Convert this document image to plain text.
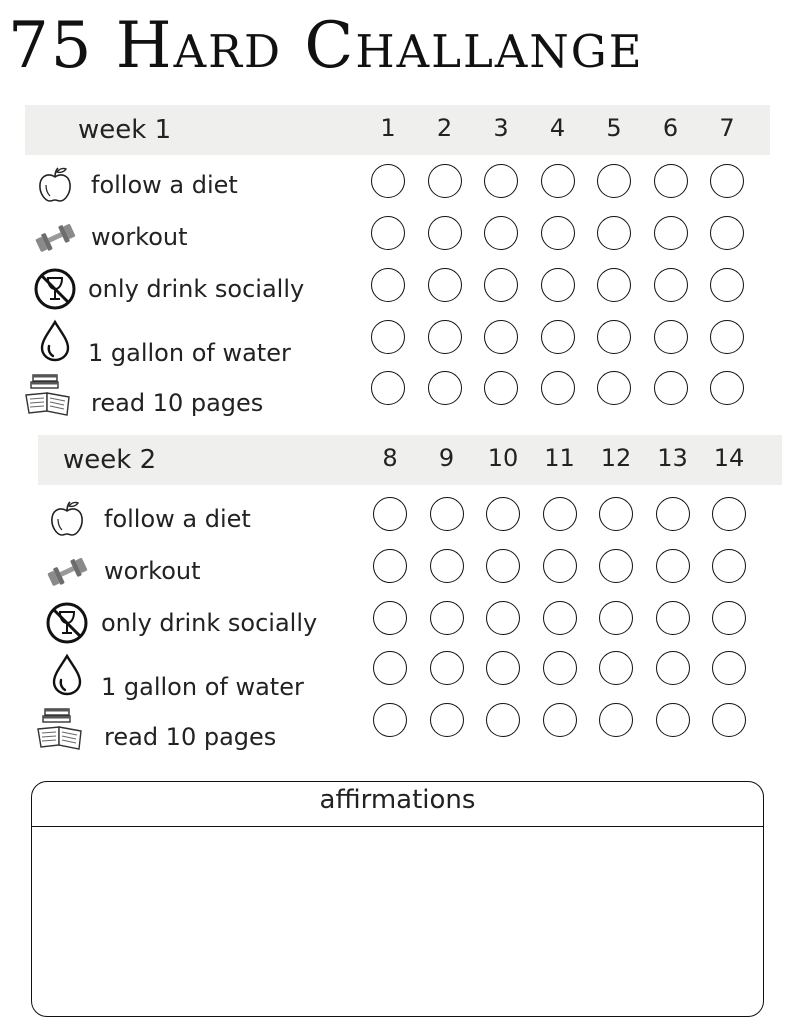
75 Hard Challange
week 1	1	2	3	4	5	6	7
follow a diet
workout
only drink socially
1 gallon of water
read 10 pages
week 2	8	9	10 11 12 13 14
follow a diet
workout
only drink socially
1 gallon of water
read 10 pages
affirmations
